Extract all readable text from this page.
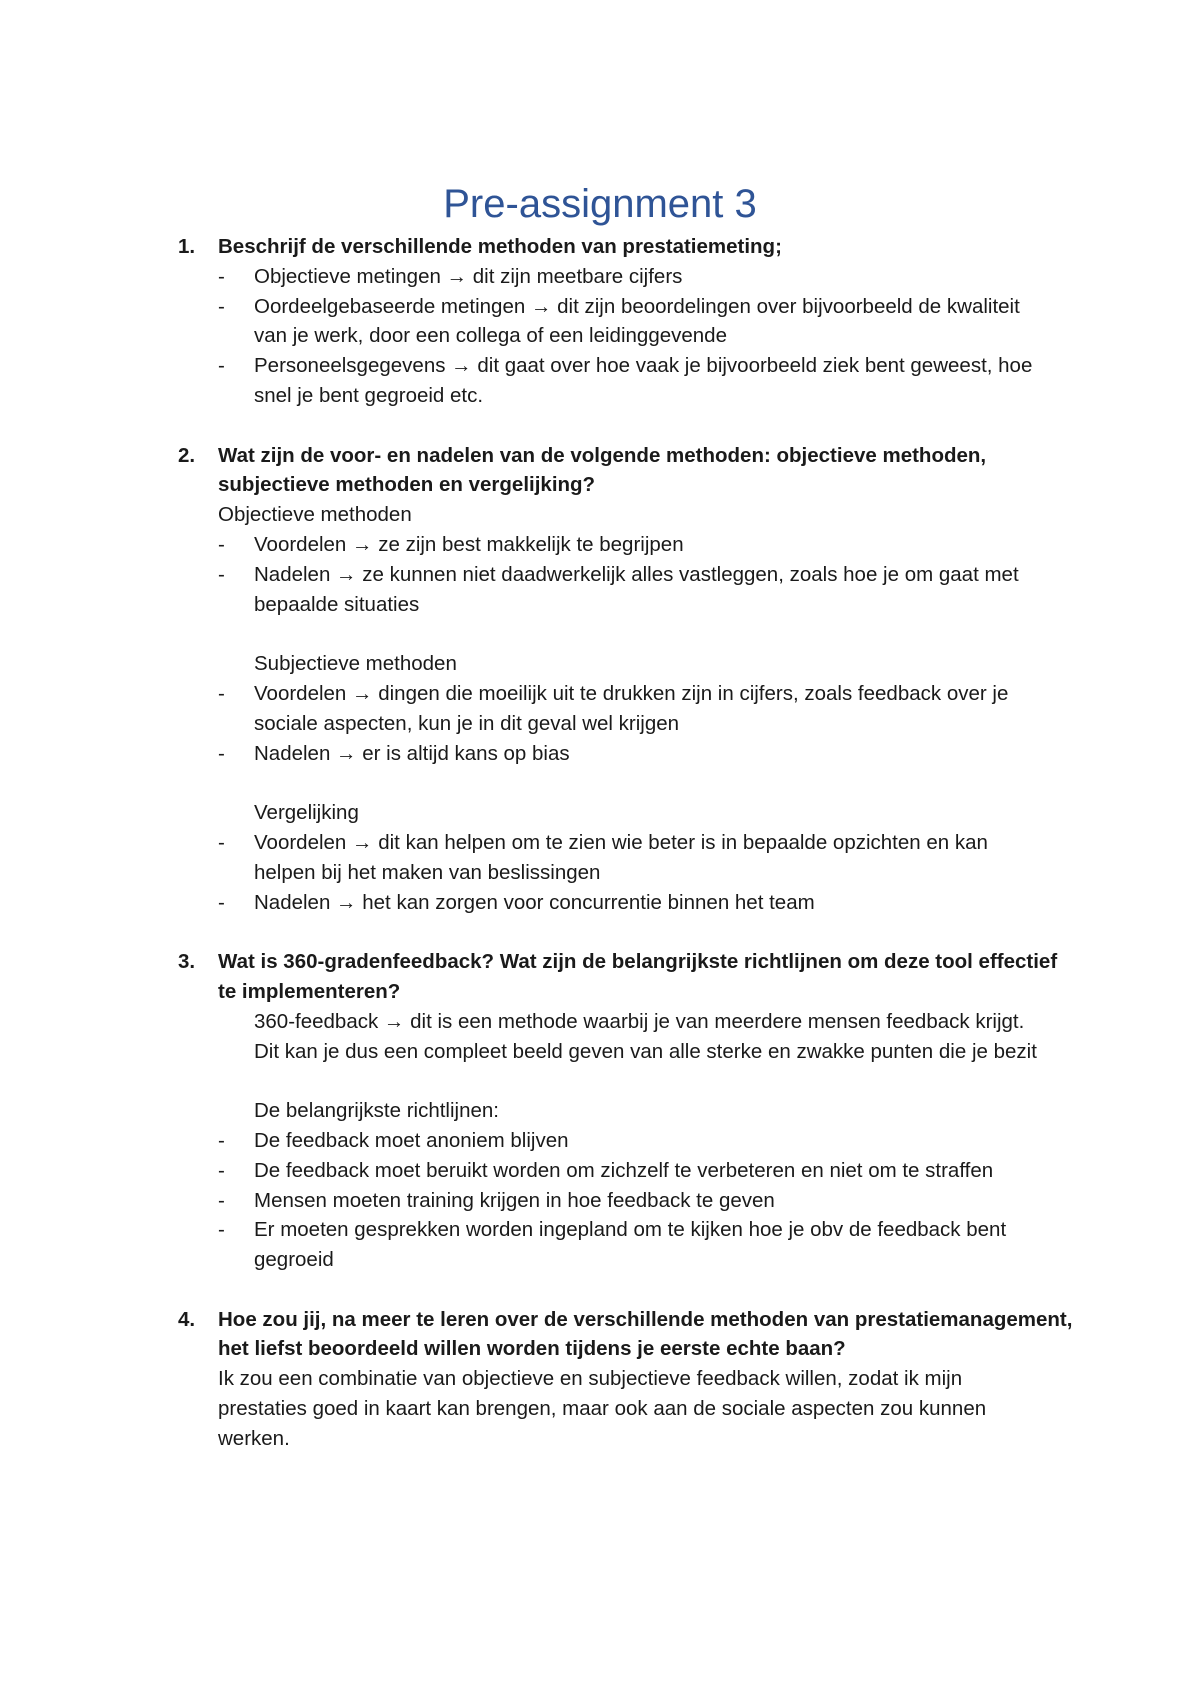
Pre-assignment 3
1.	Beschrijf de verschillende methoden van prestatiemeting;
-	Objectieve metingen → dit zijn meetbare cijfers
-	Oordeelgebaseerde metingen → dit zijn beoordelingen over bijvoorbeeld de kwaliteit van je werk, door een collega of een leidinggevende
-	Personeelsgegevens → dit gaat over hoe vaak je bijvoorbeeld ziek bent geweest, hoe snel je bent gegroeid etc.
2.	Wat zijn de voor- en nadelen van de volgende methoden: objectieve methoden, subjectieve methoden en vergelijking?
Objectieve methoden
-	Voordelen → ze zijn best makkelijk te begrijpen
-	Nadelen → ze kunnen niet daadwerkelijk alles vastleggen, zoals hoe je om gaat met bepaalde situaties
Subjectieve methoden
-	Voordelen → dingen die moeilijk uit te drukken zijn in cijfers, zoals feedback over je sociale aspecten, kun je in dit geval wel krijgen
-	Nadelen → er is altijd kans op bias
Vergelijking
-	Voordelen → dit kan helpen om te zien wie beter is in bepaalde opzichten en kan helpen bij het maken van beslissingen
-	Nadelen → het kan zorgen voor concurrentie binnen het team
3.	Wat is 360-gradenfeedback? Wat zijn de belangrijkste richtlijnen om deze tool effectief te implementeren?
360-feedback → dit is een methode waarbij je van meerdere mensen feedback krijgt. Dit kan je dus een compleet beeld geven van alle sterke en zwakke punten die je bezit
De belangrijkste richtlijnen:
-	De feedback moet anoniem blijven
-	De feedback moet beruikt worden om zichzelf te verbeteren en niet om te straffen
-	Mensen moeten training krijgen in hoe feedback te geven
-	Er moeten gesprekken worden ingepland om te kijken hoe je obv de feedback bent gegroeid
4.	Hoe zou jij, na meer te leren over de verschillende methoden van prestatiemanagement, het liefst beoordeeld willen worden tijdens je eerste echte baan?
Ik zou een combinatie van objectieve en subjectieve feedback willen, zodat ik mijn prestaties goed in kaart kan brengen, maar ook aan de sociale aspecten zou kunnen werken.
